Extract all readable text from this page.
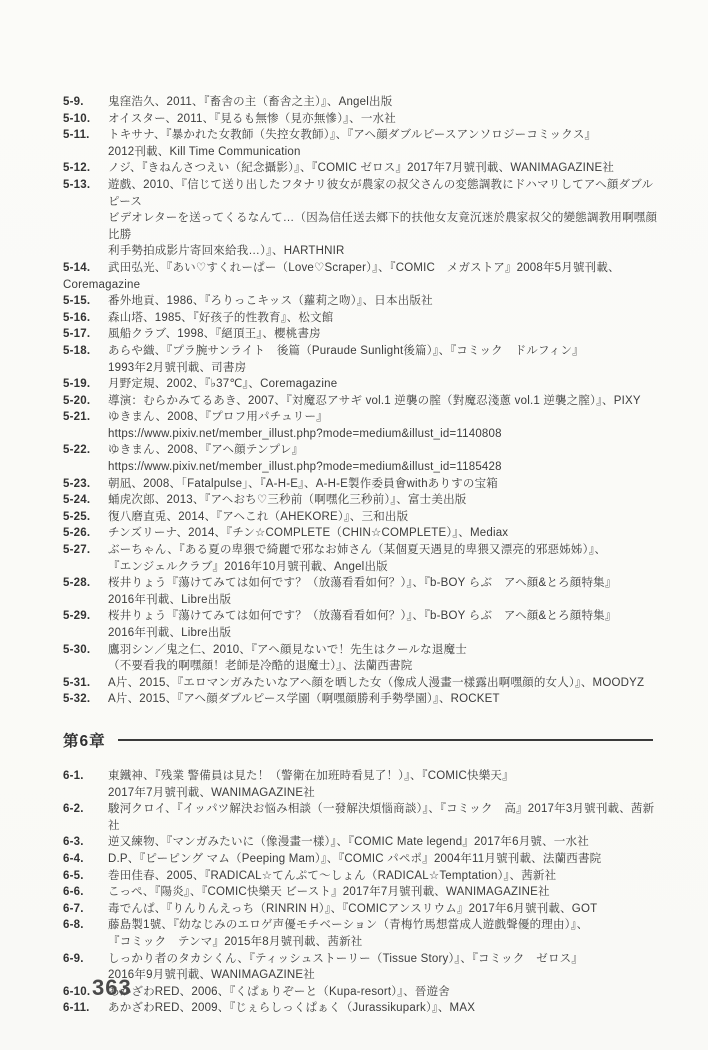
5-9.	鬼窪浩久、2011、『畜舎の主（畜舎之主）』、Angel出版
5-10.	オイスター、2011、『見るも無惨（見亦無慘）』、一水社
5-11.	トキサナ、『暴かれた女教師（失控女教師）』、『アヘ顔ダブルピースアンソロジーコミックス』
2012刊載、Kill Time Communication
5-12.	ノジ、『きねんさつえい（紀念攝影）』、『COMIC ゼロス』2017年7月號刊載、WANIMAGAZINE社
5-13.	遊戲、2010、『信じて送り出したフタナリ彼女が農家の叔父さんの変態調教にドハマリしてアヘ顔ダブルピース
ビデオレターを送ってくるなんて…（因為信任送去鄉下的扶他女友竟沉迷於農家叔父的變態調教用啊嘿顔比勝
利手勢拍成影片寄回來給我…）』、HARTHNIR
5-14.	武田弘光、『あい♡すくれーぱー（Love♡Scraper）』、『COMIC　メガストア』2008年5月號刊載、
Coremagazine
5-15.	番外地貢、1986、『ろりっこキッス（蘿莉之吻）』、日本出版社
5-16.	森山塔、1985、『好孩子的性教育』、松文館
5-17.	風船クラブ、1998、『絕頂王』、櫻桃書房
5-18.	あらや織、『プラ腕サンライト　後篇（Puraude Sunlight後篇）』、『コミック　ドルフィン』
1993年2月號刊載、司書房
5-19.	月野定規、2002、『♭37℃』、Coremagazine
5-20.	導演：むらかみてるあき、2007、『対魔忍アサギ vol.1 逆襲の膣（對魔忍淺蔥 vol.1 逆襲之膣）』、PIXY
5-21.	ゆきまん、2008、『プロフ用パチュリー』
https://www.pixiv.net/member_illust.php?mode=medium&illust_id=1140808
5-22.	ゆきまん、2008、『アヘ顔テンプレ』
https://www.pixiv.net/member_illust.php?mode=medium&illust_id=1185428
5-23.	朝凪、2008、「Fatalpulse」、『A-H-E』、A-H-E製作委員會withありすの宝箱
5-24.	蛹虎次郎、2013、『アヘおち♡三秒前（啊嘿化三秒前）』、富士美出版
5-25.	復八磨直兎、2014、『アヘこれ（AHEKORE）』、三和出版
5-26.	チンズリーナ、2014、『チン☆COMPLETE（CHIN☆COMPLETE）』、Mediax
5-27.	ぶーちゃん、『ある夏の卑猥で綺麗で邪なお姉さん（某個夏天遇見的卑猥又漂亮的邪惡姊姊）』、
『エンジェルクラブ』2016年10月號刊載、Angel出版
5-28.	桜井りょう『蕩けてみては如何です？（放蕩看看如何？）』、『b-BOY らぶ　アヘ顔&とろ顔特集』
2016年刊載、Libre出版
5-29.	桜井りょう『蕩けてみては如何です？（放蕩看看如何？）』、『b-BOY らぶ　アヘ顔&とろ顔特集』
2016年刊載、Libre出版
5-30.	鷹羽シン／鬼之仁、2010、『アヘ顔見ないで！先生はクールな退魔士
（不要看我的啊嘿顔！老師是冷酷的退魔士）』、法蘭西書院
5-31.	A片、2015、『エロマンガみたいなアヘ顔を晒した女（像成人漫畫一樣露出啊嘿顔的女人）』、MOODYZ
5-32.	A片、2015、『アヘ顔ダブルピース学園（啊嘿顔勝利手勢學園）』、ROCKET
第6章
6-1.	東鐵神、『残業 警備員は見た！（警衛在加班時看見了！）』、『COMIC快樂天』
2017年7月號刊載、WANIMAGAZINE社
6-2.	駿河クロイ、『イッパツ解決お悩み相談（一發解決煩惱商談）』、『コミック　高』2017年3月號刊載、茜新社
6-3.	逆又練物、『マンガみたいに（像漫畫一樣）』、『COMIC Mate legend』2017年6月號、一水社
6-4.	D.P、『ピーピング マム（Peeping Mam）』、『COMIC パペポ』2004年11月號刊載、法蘭西書院
6-5.	巻田佳春、2005、『RADICAL☆てんぷて〜しょん（RADICAL☆Temptation）』、茜新社
6-6.	こっぺ、『陽炎』、『COMIC快樂天 ビースト』2017年7月號刊載、WANIMAGAZINE社
6-7.	毒でんぱ、『りんりんえっち（RINRIN H）』、『COMICアンスリウム』2017年6月號刊載、GOT
6-8.	藤島製1號、『幼なじみのエロゲ声優モチベーション（青梅竹馬想當成人遊戲聲優的理由）』、
『コミック　テンマ』2015年8月號刊載、茜新社
6-9.	しっかり者のタカシくん、『ティッシュストーリー（Tissue Story）』、『コミック　ゼロス』
2016年9月號刊載、WANIMAGAZINE社
6-10.	あかざわRED、2006、『くぱぁりぞーと（Kupa-resort）』、晉遊舍
6-11.	あかざわRED、2009、『じぇらしっくぱぁく（Jurassikupark）』、MAX
363
